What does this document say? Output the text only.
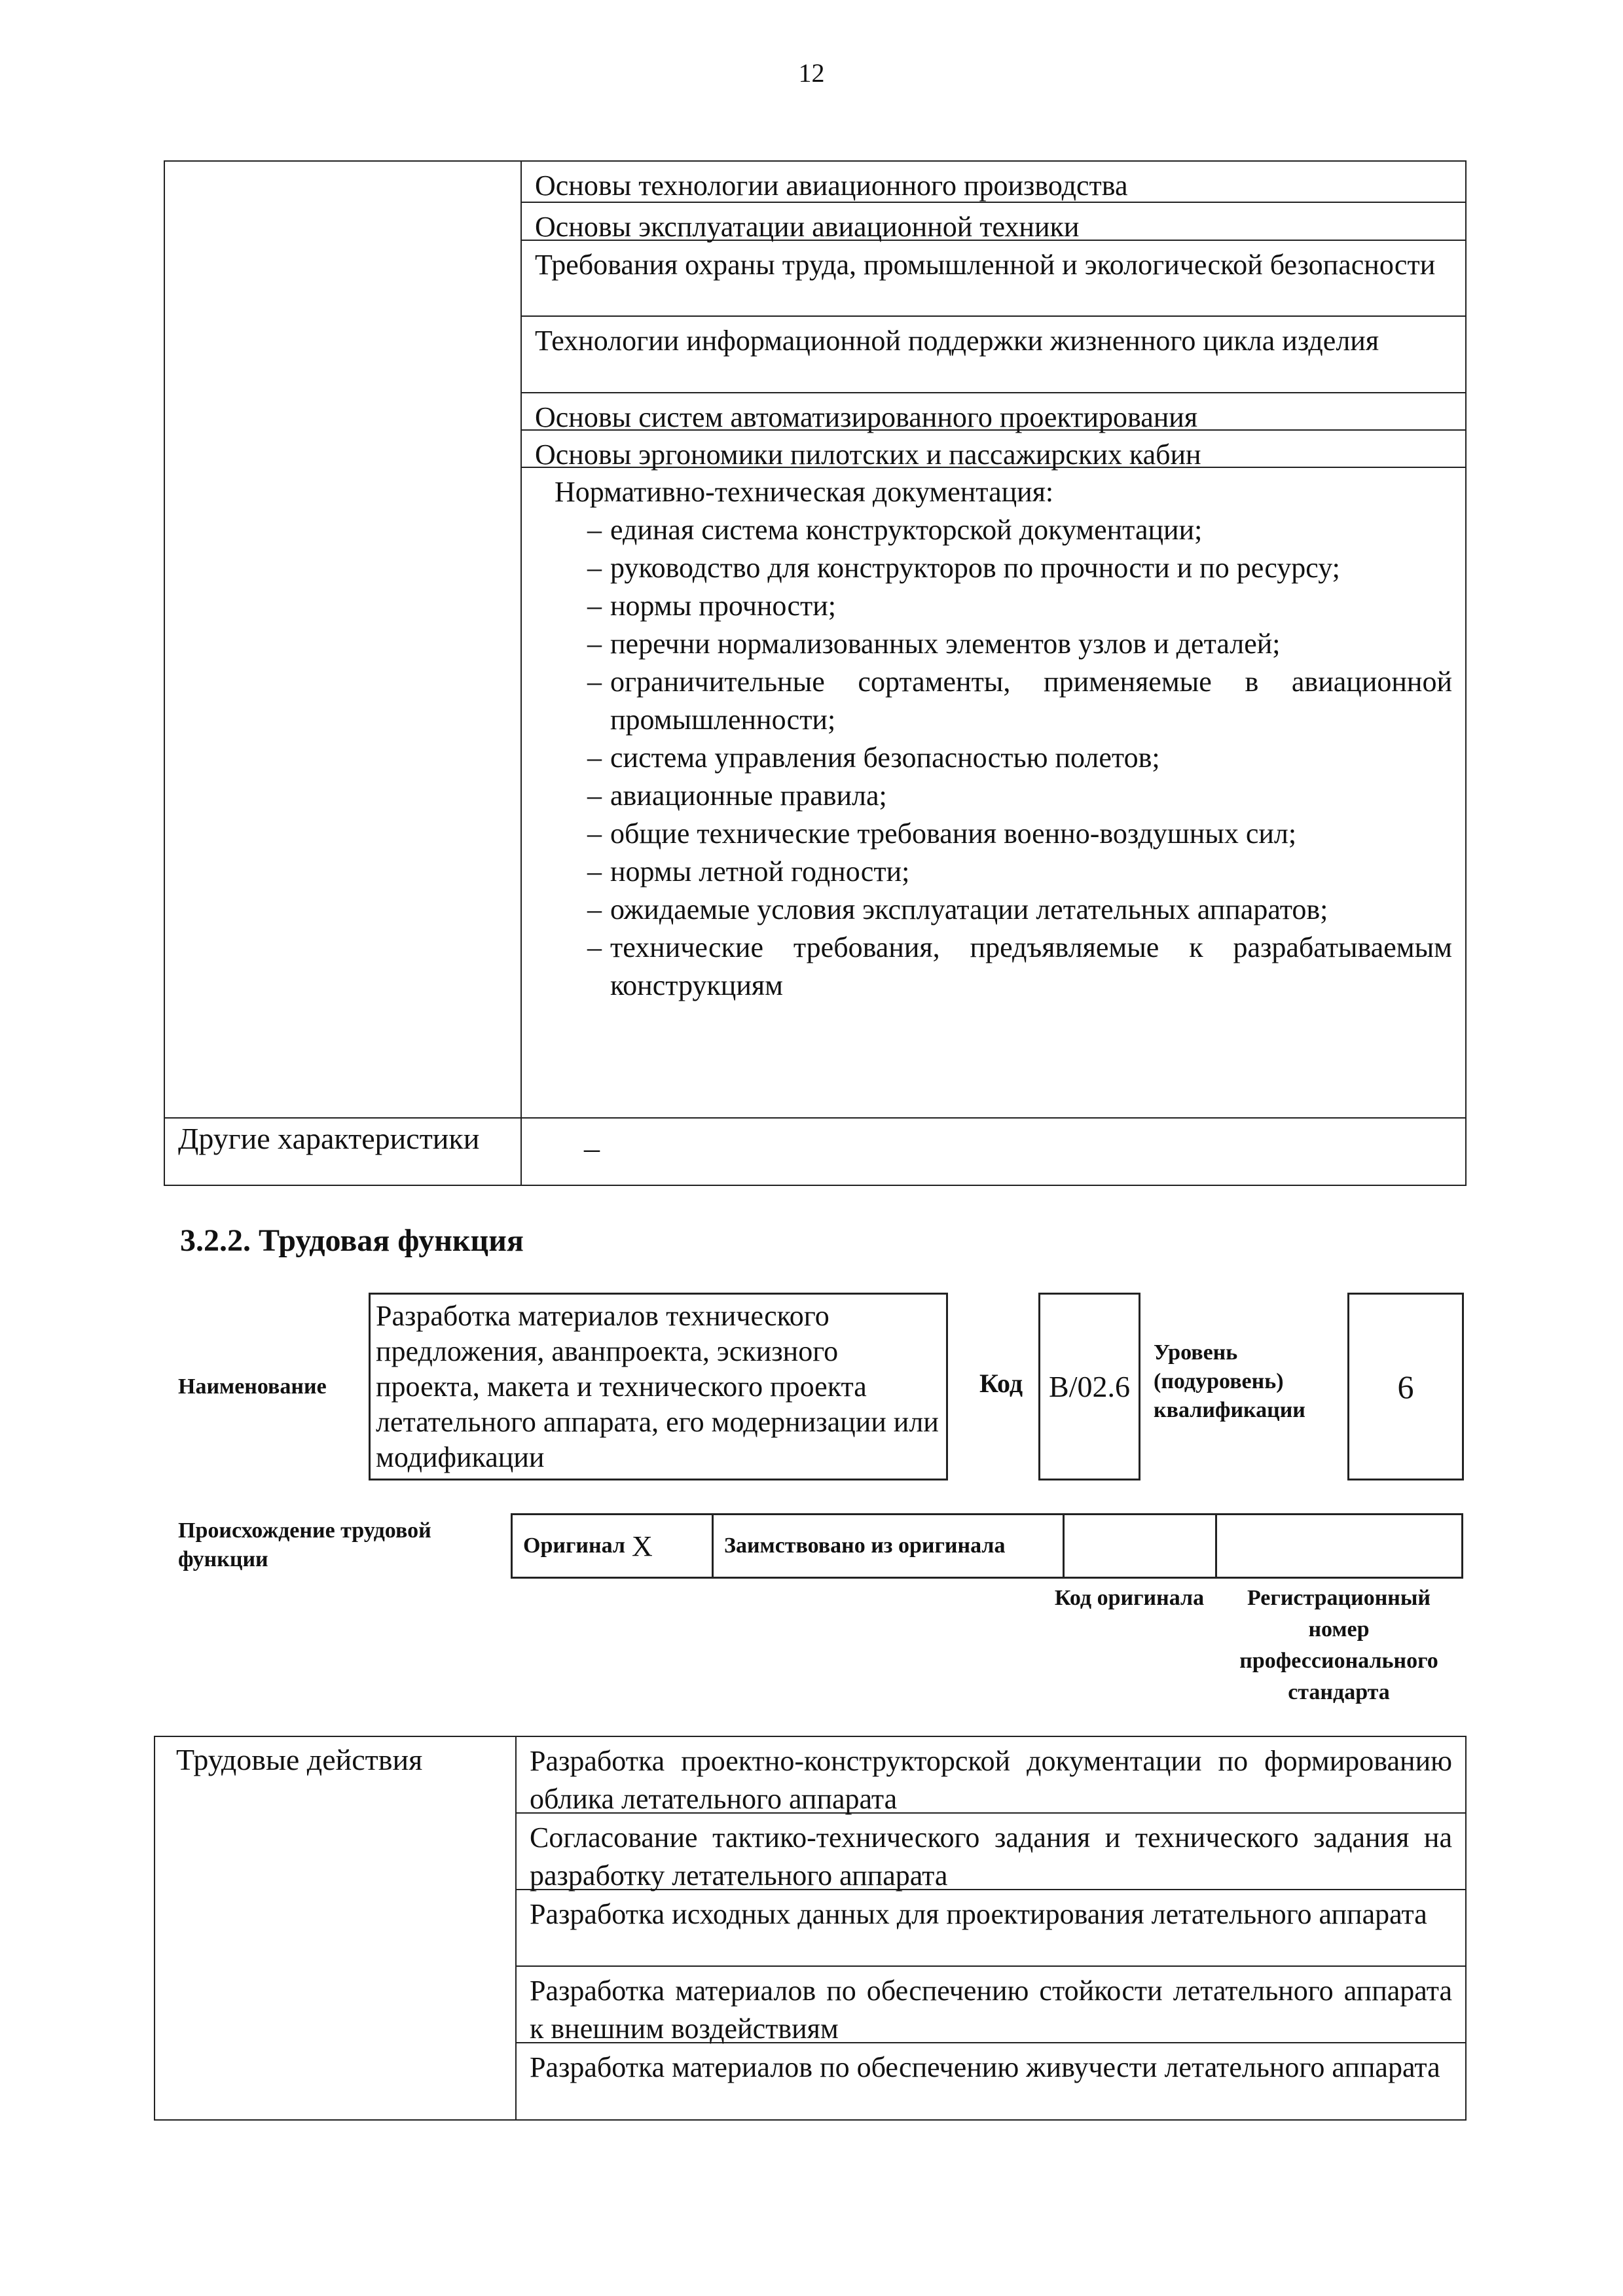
12
Основы технологии авиационного производства
Основы эксплуатации авиационной техники
Требования охраны труда, промышленной и экологической безопасности
Технологии информационной поддержки жизненного цикла изделия
Основы систем автоматизированного проектирования
Основы эргономики пилотских и пассажирских кабин
Нормативно-техническая документация:
– единая система конструкторской документации;
– руководство для конструкторов по прочности и по ресурсу;
– нормы прочности;
– перечни нормализованных элементов узлов и деталей;
– ограничительные сортаменты, применяемые в авиационной промышленности;
– система управления безопасностью полетов;
– авиационные правила;
– общие технические требования военно-воздушных сил;
– нормы летной годности;
– ожидаемые условия эксплуатации летательных аппаратов;
– технические требования, предъявляемые к разрабатываемым конструкциям
Другие характеристики	–
3.2.2. Трудовая функция
Наименование
Разработка материалов технического предложения, аванпроекта, эскизного проекта, макета и технического проекта летательного аппарата, его модернизации или модификации
Код B/02.6
Уровень (подуровень) квалификации
6
Происхождение трудовой функции
Оригинал X	Заимствовано из оригинала
Код оригинала	Регистрационный номер профессионального стандарта
Трудовые действия	Разработка проектно-конструкторской документации по формированию облика летательного аппарата
Согласование тактико-технического задания и технического задания на разработку летательного аппарата
Разработка исходных данных для проектирования летательного аппарата
Разработка материалов по обеспечению стойкости летательного аппарата к внешним воздействиям
Разработка материалов по обеспечению живучести летательного аппарата
